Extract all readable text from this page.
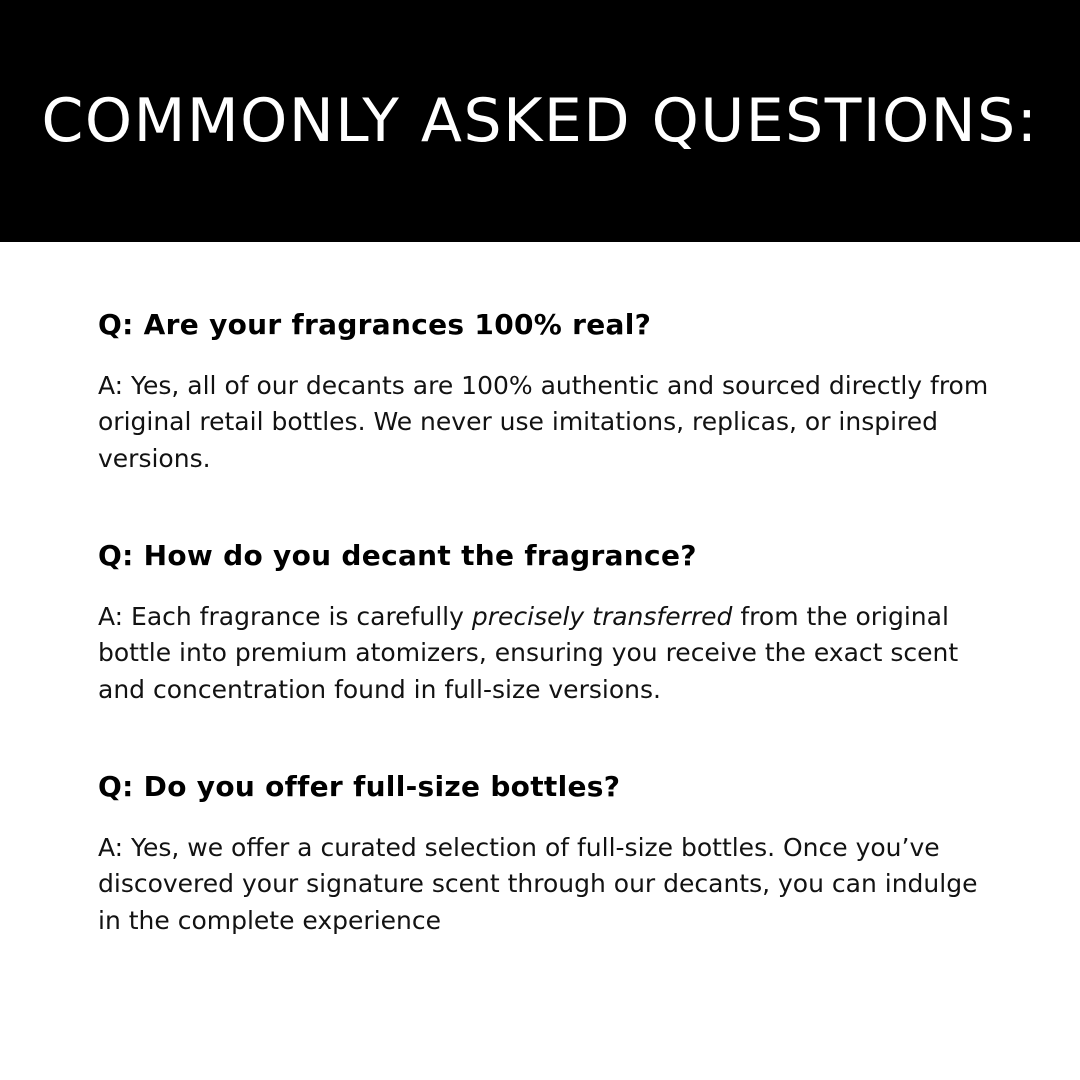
COMMONLY ASKED QUESTIONS:
Q: Are your fragrances 100% real?
A: Yes, all of our decants are 100% authentic and sourced directly from original retail bottles. We never use imitations, replicas, or inspired versions.
Q: How do you decant the fragrance?
A: Each fragrance is carefully precisely transferred from the original bottle into premium atomizers, ensuring you receive the exact scent and concentration found in full-size versions.
Q: Do you offer full-size bottles?
A: Yes, we offer a curated selection of full-size bottles. Once you’ve discovered your signature scent through our decants, you can indulge in the complete experience
